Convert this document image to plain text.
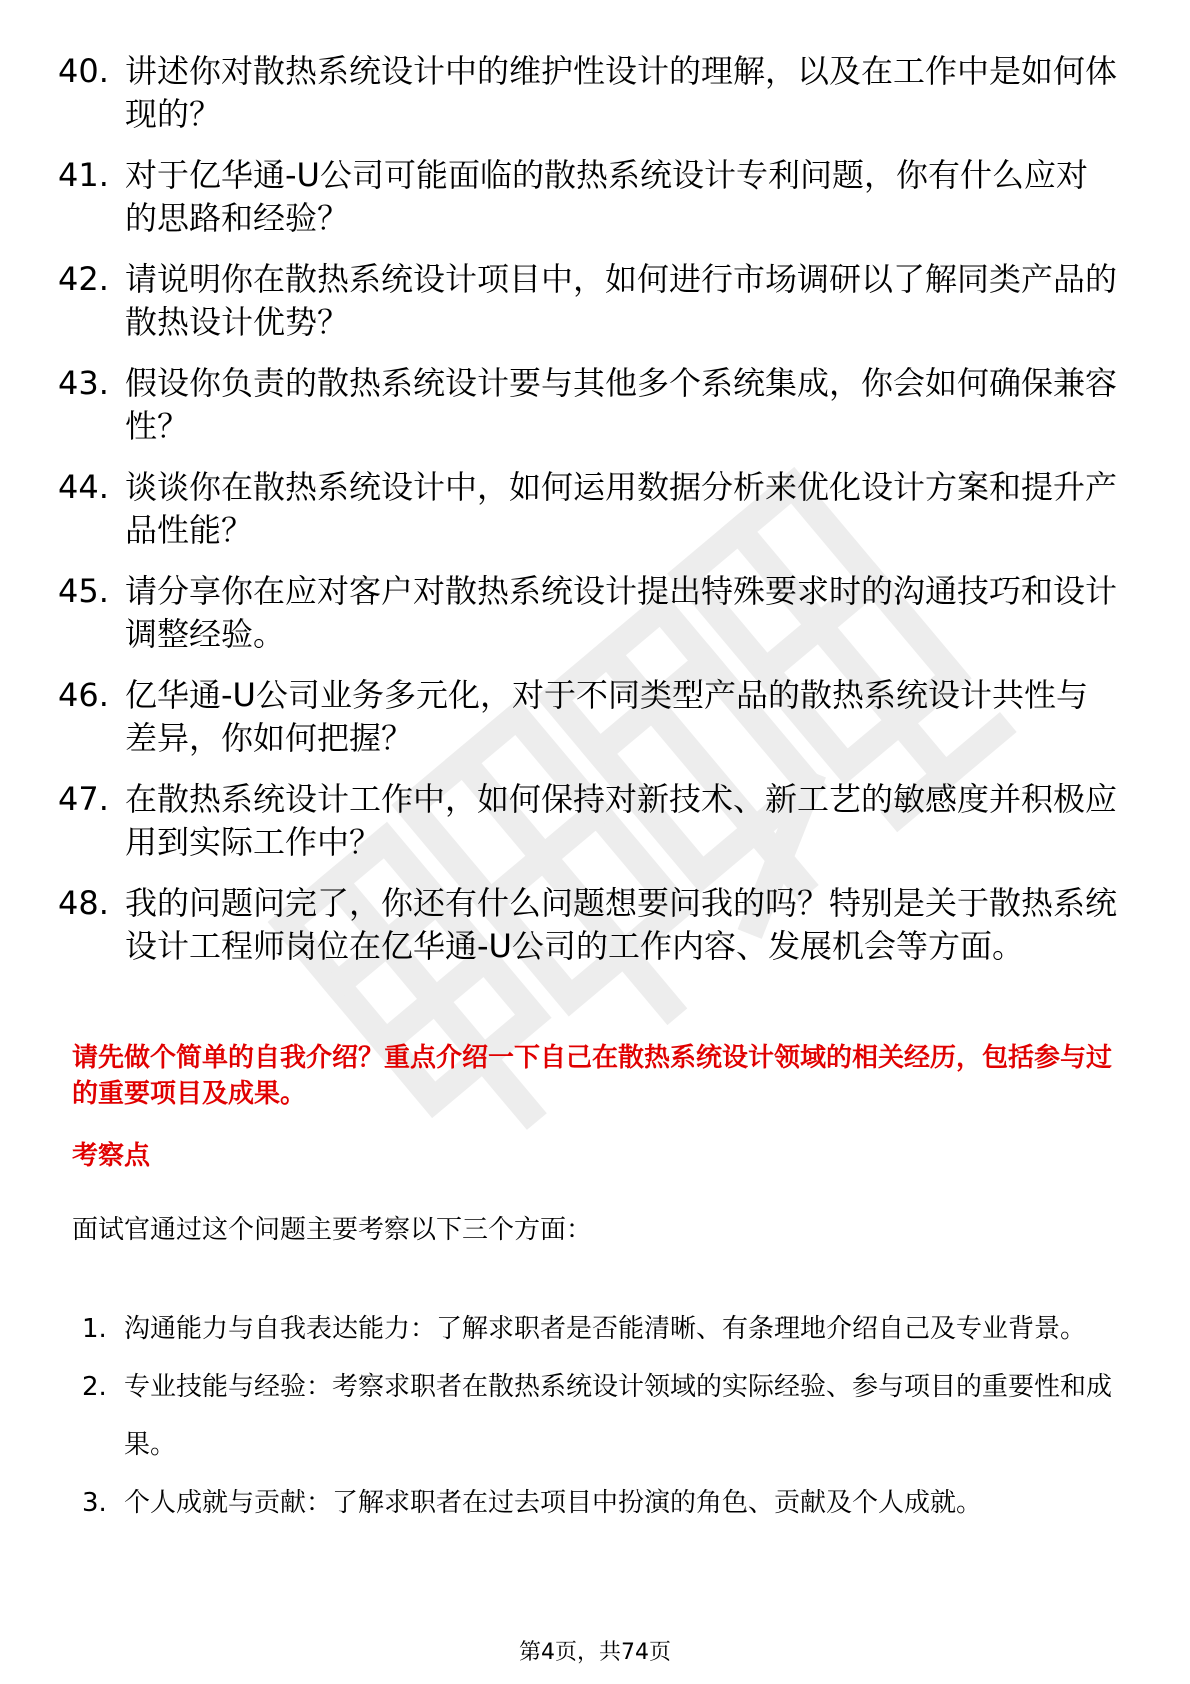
40. 讲述你对散热系统设计中的维护性设计的理解，以及在工作中是如何体现的？
41. 对于亿华通-U公司可能面临的散热系统设计专利问题，你有什么应对的思路和经验？
42. 请说明你在散热系统设计项目中，如何进行市场调研以了解同类产品的散热设计优势？
43. 假设你负责的散热系统设计要与其他多个系统集成，你会如何确保兼容性？
44. 谈谈你在散热系统设计中，如何运用数据分析来优化设计方案和提升产品性能？
45. 请分享你在应对客户对散热系统设计提出特殊要求时的沟通技巧和设计调整经验。
46. 亿华通-U公司业务多元化，对于不同类型产品的散热系统设计共性与差异，你如何把握？
47. 在散热系统设计工作中，如何保持对新技术、新工艺的敏感度并积极应用到实际工作中？
48. 我的问题问完了，你还有什么问题想要问我的吗？特别是关于散热系统设计工程师岗位在亿华通-U公司的工作内容、发展机会等方面。
请先做个简单的自我介绍？重点介绍一下自己在散热系统设计领域的相关经历，包括参与过的重要项目及成果。
考察点
面试官通过这个问题主要考察以下三个方面：
1. 沟通能力与自我表达能力：了解求职者是否能清晰、有条理地介绍自己及专业背景。
2. 专业技能与经验：考察求职者在散热系统设计领域的实际经验、参与项目的重要性和成果。
3. 个人成就与贡献：了解求职者在过去项目中扮演的角色、贡献及个人成就。
第4页，共74页
